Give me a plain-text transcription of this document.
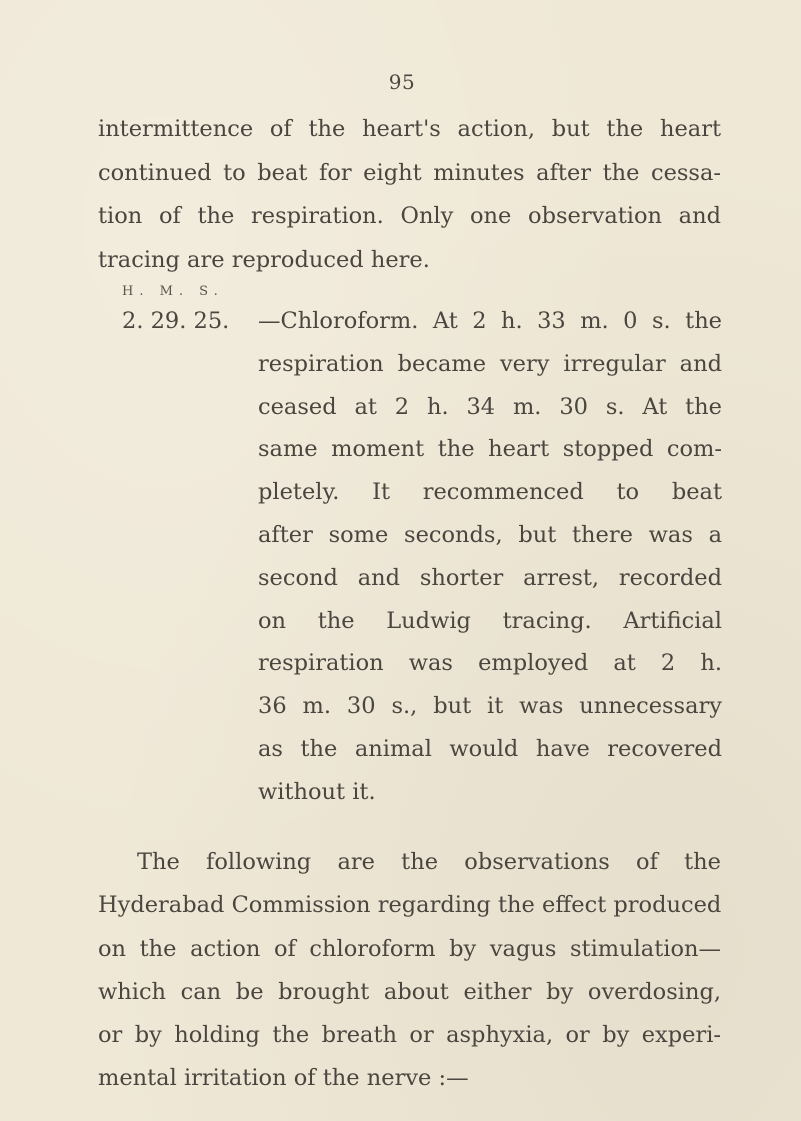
95
intermittence of the heart's action, but the heart
continued to beat for eight minutes after the cessa-
tion of the respiration. Only one observation and
tracing are reproduced here.
H. M. S.
2. 29. 25.	—Chloroform. At 2 h. 33 m. 0 s. the
respiration became very irregular and
ceased at 2 h. 34 m. 30 s. At the
same moment the heart stopped com-
pletely. It recommenced to beat
after some seconds, but there was a
second and shorter arrest, recorded
on the Ludwig tracing. Artificial
respiration was employed at 2 h.
36 m. 30 s., but it was unnecessary
as the animal would have recovered
without it.
The following are the observations of the
Hyderabad Commission regarding the effect produced
on the action of chloroform by vagus stimulation—
which can be brought about either by overdosing,
or by holding the breath or asphyxia, or by experi-
mental irritation of the nerve :—
